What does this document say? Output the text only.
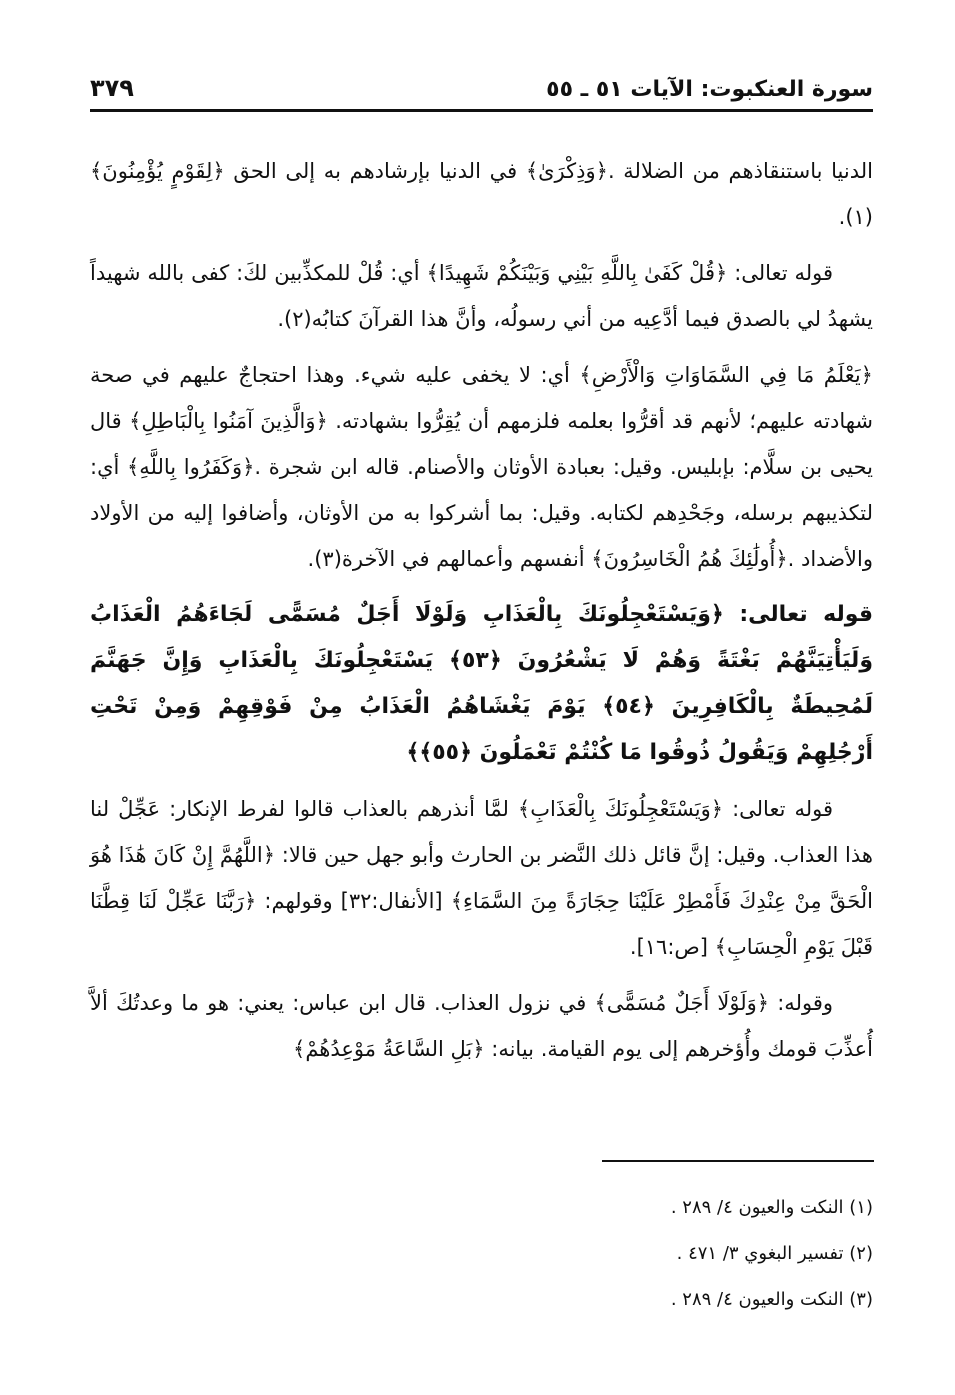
سورة العنكبوت: الآيات ٥١ ـ ٥٥
٣٧٩

الدنيا باستنقاذهم من الضلالة .﴿وَذِكْرَىٰ﴾ في الدنيا بإرشادهم به إلى الحق ﴿لِقَوْمٍ يُؤْمِنُونَ﴾(١).

قوله تعالى: ﴿قُلْ كَفَىٰ بِاللَّهِ بَيْنِي وَبَيْنَكُمْ شَهِيدًا﴾ أي: قُلْ للمكذِّبين لكَ: كفى بالله شهيداً يشهدُ لي بالصدق فيما أدَّعِيه من أني رسولُه، وأنَّ هذا القرآنَ كتابُه(٢).

﴿يَعْلَمُ مَا فِي السَّمَاوَاتِ وَالْأَرْضِ﴾ أي: لا يخفى عليه شيء. وهذا احتجاجٌ عليهم في صحة شهادته عليهم؛ لأنهم قد أقرُّوا بعلمه فلزمهم أن يُقِرُّوا بشهادته. ﴿وَالَّذِينَ آمَنُوا بِالْبَاطِلِ﴾ قال يحيى بن سلَّام: بإبليس. وقيل: بعبادة الأوثان والأصنام. قاله ابن شجرة .﴿وَكَفَرُوا بِاللَّهِ﴾ أي: لتكذيبهم برسله، وجَحْدِهم لكتابه. وقيل: بما أشركوا به من الأوثان، وأضافوا إليه من الأولاد والأضداد .﴿أُولَٰئِكَ هُمُ الْخَاسِرُونَ﴾ أنفسهم وأعمالهم في الآخرة(٣).

قوله تعالى: ﴿وَيَسْتَعْجِلُونَكَ بِالْعَذَابِ وَلَوْلَا أَجَلٌ مُسَمًّى لَجَاءَهُمُ الْعَذَابُ وَلَيَأْتِيَنَّهُمْ بَغْتَةً وَهُمْ لَا يَشْعُرُونَ ﴿٥٣﴾ يَسْتَعْجِلُونَكَ بِالْعَذَابِ وَإِنَّ جَهَنَّمَ لَمُحِيطَةٌ بِالْكَافِرِينَ ﴿٥٤﴾ يَوْمَ يَغْشَاهُمُ الْعَذَابُ مِنْ فَوْقِهِمْ وَمِنْ تَحْتِ أَرْجُلِهِمْ وَيَقُولُ ذُوقُوا مَا كُنْتُمْ تَعْمَلُونَ ﴿٥٥﴾﴾

قوله تعالى: ﴿وَيَسْتَعْجِلُونَكَ بِالْعَذَابِ﴾ لمَّا أنذرهم بالعذاب قالوا لفرط الإنكار: عَجِّلْ لنا هذا العذاب. وقيل: إنَّ قائل ذلك النَّضر بن الحارث وأبو جهل حين قالا: ﴿اللَّهُمَّ إِنْ كَانَ هَٰذَا هُوَ الْحَقَّ مِنْ عِنْدِكَ فَأَمْطِرْ عَلَيْنَا حِجَارَةً مِنَ السَّمَاءِ﴾ [الأنفال:٣٢] وقولهم: ﴿رَبَّنَا عَجِّلْ لَنَا قِطَّنَا قَبْلَ يَوْمِ الْحِسَابِ﴾ [ص:١٦].

وقوله: ﴿وَلَوْلَا أَجَلٌ مُسَمًّى﴾ في نزول العذاب. قال ابن عباس: يعني: هو ما وعدتُكَ ألاَّ أُعذِّبَ قومك وأُؤخرهم إلى يوم القيامة. بيانه: ﴿بَلِ السَّاعَةُ مَوْعِدُهُمْ﴾

(١) النكت والعيون ٤/ ٢٨٩ .
(٢) تفسير البغوي ٣/ ٤٧١ .
(٣) النكت والعيون ٤/ ٢٨٩ .
